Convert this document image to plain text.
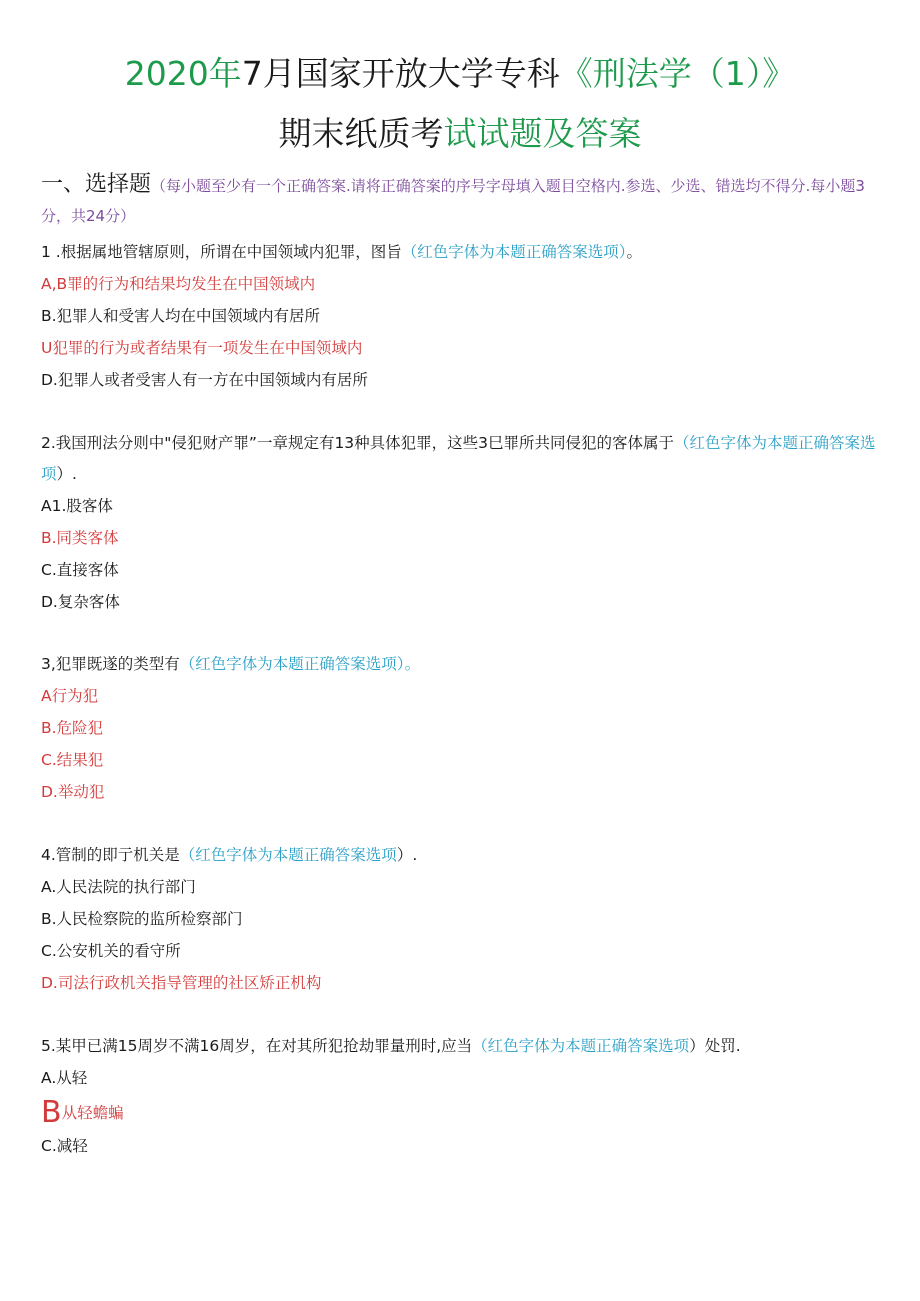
2020年7月国家开放大学专科《刑法学（1）》
期末纸质考试试题及答案
一、选择题（每小题至少有一个正确答案.请将正确答案的序号字母填入题目空格内.参选、少选、错选均不得分.每小题3分，共24分）
1 .根据属地管辖原则，所谓在中国领域内犯罪，图旨（红色字体为本题正确答案选项）。
A,B罪的行为和结果均发生在中国领域内
B.犯罪人和受害人均在中国领域内有居所
U犯罪的行为或者结果有一项发生在中国领域内
D.犯罪人或者受害人有一方在中国领域内有居所
2.我国刑法分则中"侵犯财产罪”一章规定有13种具体犯罪，这些3巳罪所共同侵犯的客体属于（红色字体为本题正确答案选项）.
A1.股客体
B.同类客体
C.直接客体
D.复杂客体
3,犯罪既遂的类型有（红色字体为本题正确答案选项）。
A行为犯
B.危险犯
C.结果犯
D.举动犯
4.管制的即亍机关是（红色字体为本题正确答案选项）.
A.人民法院的执行部门
B.人民检察院的监所检察部门
C.公安机关的看守所
D.司法行政机关指导管理的社区矫正机构
5.某甲已满15周岁不满16周岁，在对其所犯抢劫罪量刑时,应当（红色字体为本题正确答案选项）处罚.
A.从轻
B从轻蟾蝙
C.减轻
